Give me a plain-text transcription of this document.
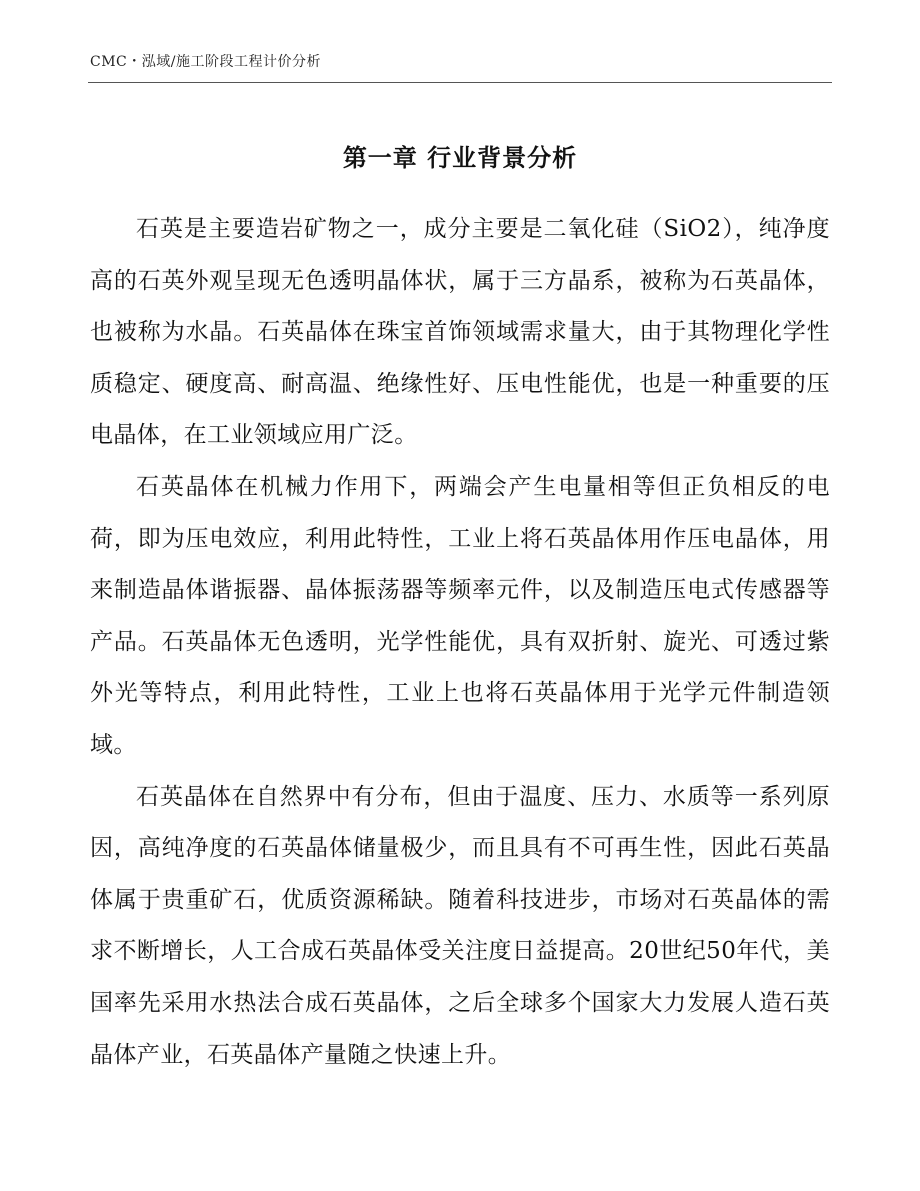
CMC・泓域/施工阶段工程计价分析
第一章 行业背景分析

石英是主要造岩矿物之一，成分主要是二氧化硅（SiO2），纯净度高的石英外观呈现无色透明晶体状，属于三方晶系，被称为石英晶体，也被称为水晶。石英晶体在珠宝首饰领域需求量大，由于其物理化学性质稳定、硬度高、耐高温、绝缘性好、压电性能优，也是一种重要的压电晶体，在工业领域应用广泛。

石英晶体在机械力作用下，两端会产生电量相等但正负相反的电荷，即为压电效应，利用此特性，工业上将石英晶体用作压电晶体，用来制造晶体谐振器、晶体振荡器等频率元件，以及制造压电式传感器等产品。石英晶体无色透明，光学性能优，具有双折射、旋光、可透过紫外光等特点，利用此特性，工业上也将石英晶体用于光学元件制造领域。

石英晶体在自然界中有分布，但由于温度、压力、水质等一系列原因，高纯净度的石英晶体储量极少，而且具有不可再生性，因此石英晶体属于贵重矿石，优质资源稀缺。随着科技进步，市场对石英晶体的需求不断增长，人工合成石英晶体受关注度日益提高。20世纪50年代，美国率先采用水热法合成石英晶体，之后全球多个国家大力发展人造石英晶体产业，石英晶体产量随之快速上升。
